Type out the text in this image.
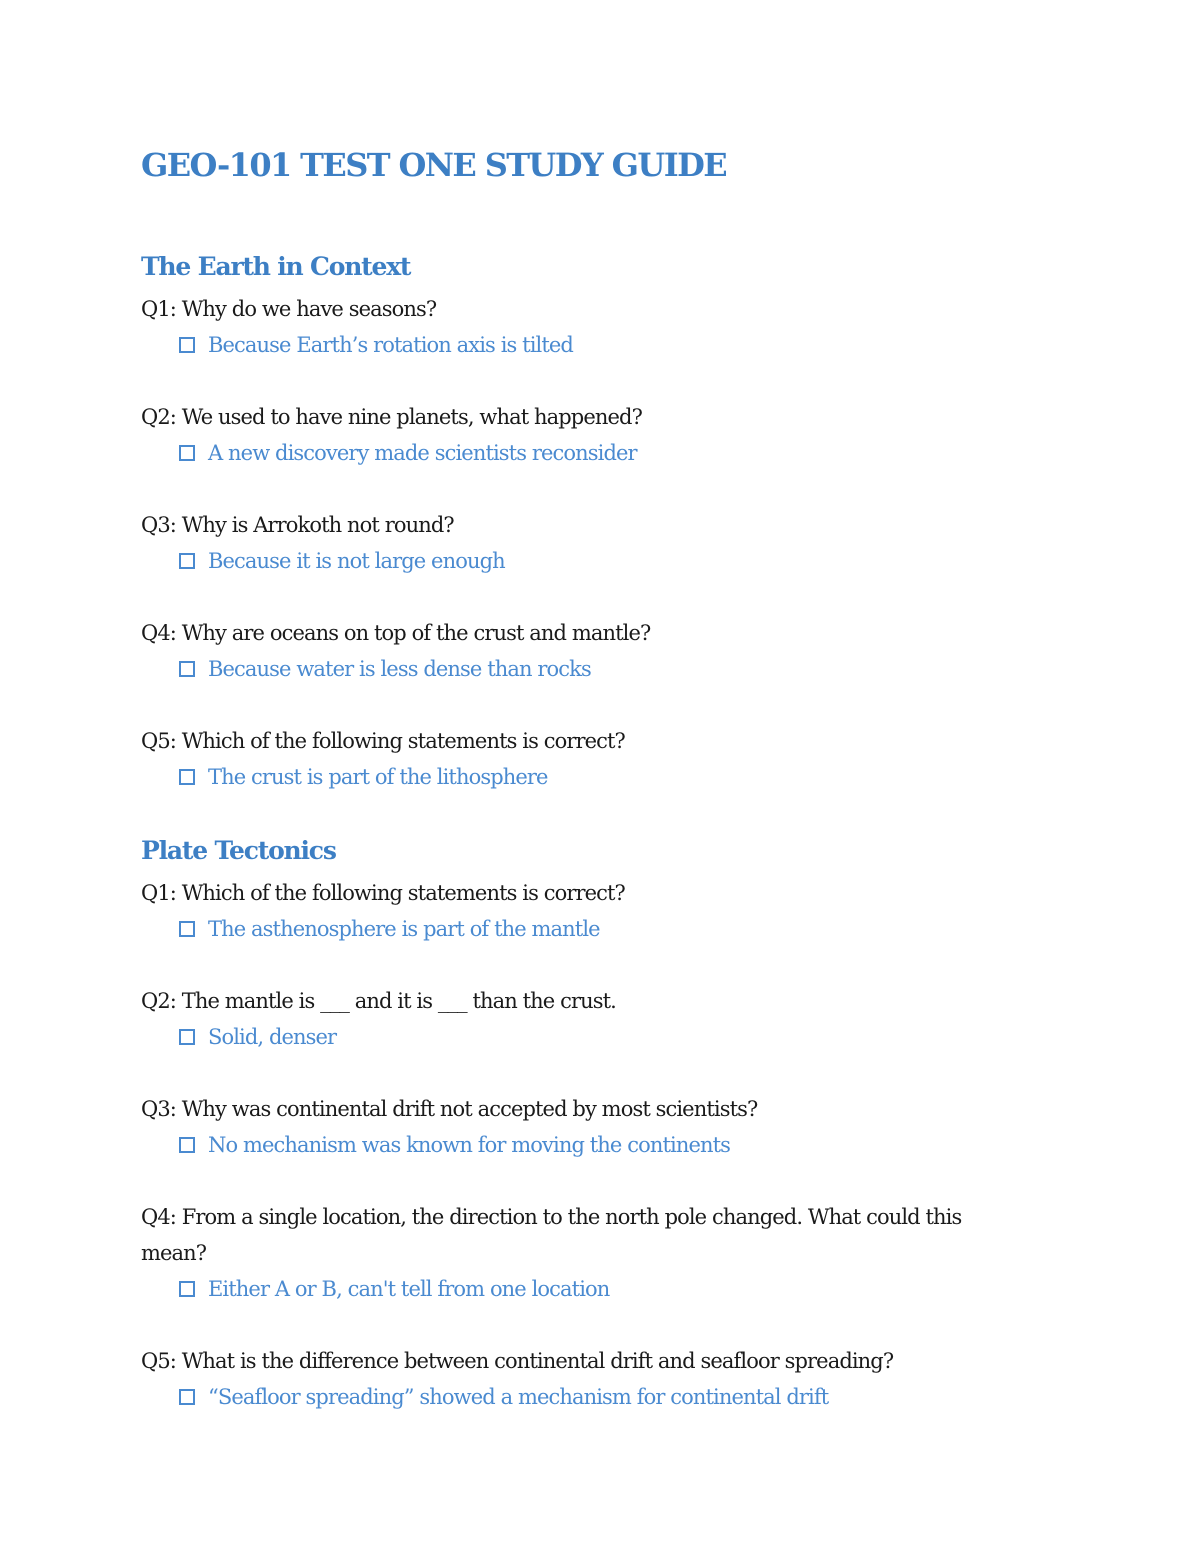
GEO-101 TEST ONE STUDY GUIDE
The Earth in Context
Q1: Why do we have seasons?
Because Earth’s rotation axis is tilted
Q2: We used to have nine planets, what happened?
A new discovery made scientists reconsider
Q3: Why is Arrokoth not round?
Because it is not large enough
Q4: Why are oceans on top of the crust and mantle?
Because water is less dense than rocks
Q5: Which of the following statements is correct?
The crust is part of the lithosphere
Plate Tectonics
Q1: Which of the following statements is correct?
The asthenosphere is part of the mantle
Q2: The mantle is ___ and it is ___ than the crust.
Solid, denser
Q3: Why was continental drift not accepted by most scientists?
No mechanism was known for moving the continents
Q4: From a single location, the direction to the north pole changed. What could this mean?
Either A or B, can't tell from one location
Q5: What is the difference between continental drift and seafloor spreading?
“Seafloor spreading” showed a mechanism for continental drift
